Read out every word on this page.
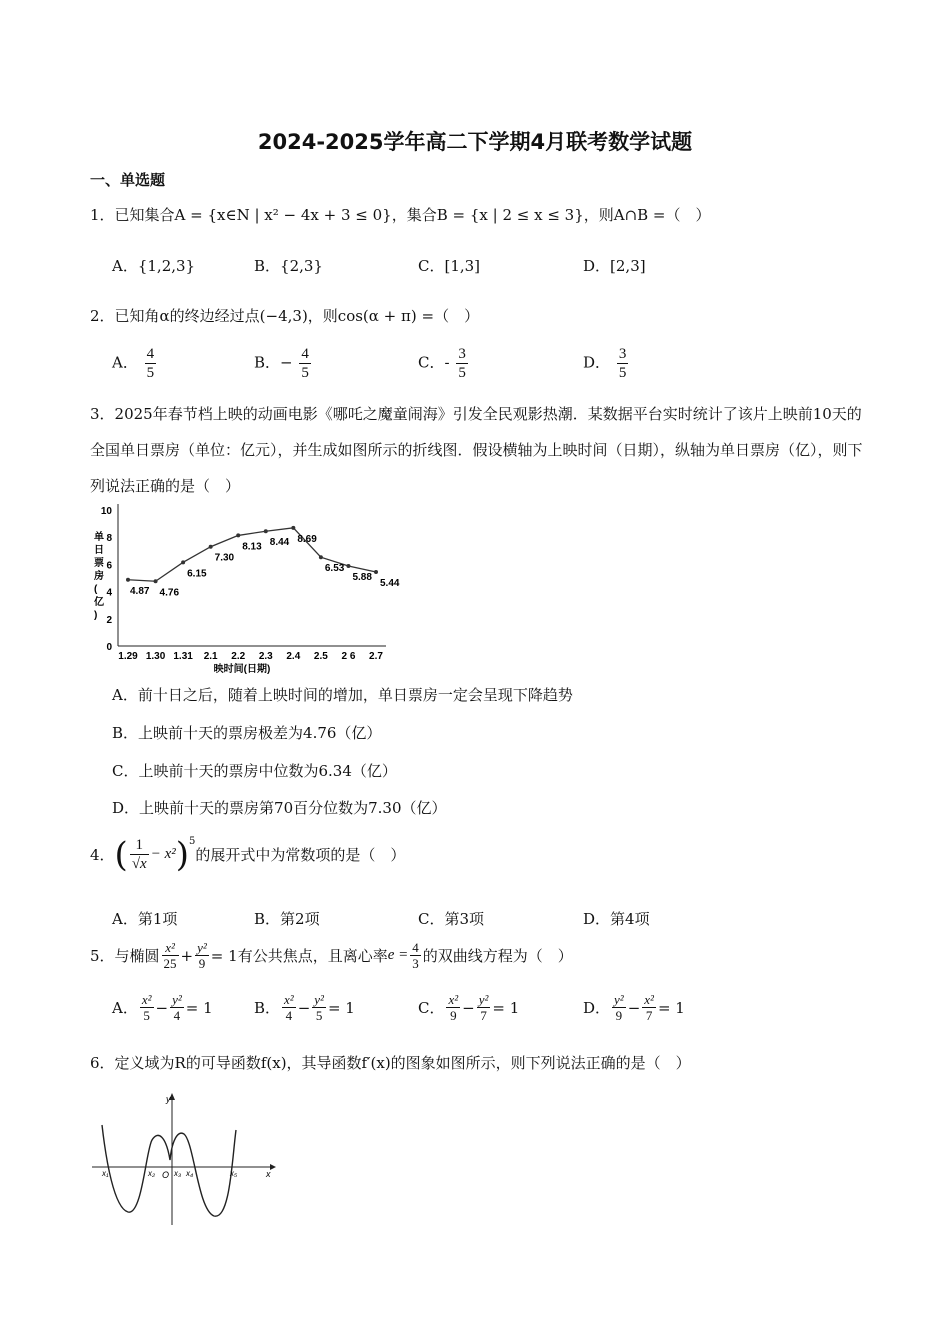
2024-2025学年高二下学期4月联考数学试题
一、单选题
1．已知集合A = {x∈N | x² − 4x + 3 ≤ 0}，集合B = {x | 2 ≤ x ≤ 3}，则A∩B =（　）
A．{1,2,3}	B．{2,3}	C．[1,3]	D．[2,3]
2．已知角α的终边经过点(−4,3)，则cos(α + π) =（　）
A． $\frac{4}{5}$	B．− $\frac{4}{5}$	C．- $\frac{3}{5}$	D． $\frac{3}{5}$
3．2025年春节档上映的动画电影《哪吒之魔童闹海》引发全民观影热潮．某数据平台实时统计了该片上映前10天的全国单日票房（单位：亿元），并生成如图所示的折线图．假设横轴为上映时间（日期），纵轴为单日票房（亿），则下列说法正确的是（　）
0
2
4
6
8
10
单日票房(亿)
1.29 1.30 1.31 2.1 2.2 2.3 2.4 2.5 2 6 2.7
映时间(日期)
4.87 4.76
6.15
7.30
8.13 8.44 8.69
6.53
5.88
5.44
A．前十日之后，随着上映时间的增加，单日票房一定会呈现下降趋势
B．上映前十天的票房极差为4.76（亿）
C．上映前十天的票房中位数为6.34（亿）
D．上映前十天的票房第70百分位数为7.30（亿）
4． ( $\frac{1}{√x} - x^2$ )$^5$
的展开式中为常数项的是（　）
A．第1项	B．第2项	C．第3项	D．第4项
5．与椭圆 $\frac{\text{x²}}{25} + \frac{\text{y²}}{9} = 1$ 有公共焦点，且离心率 $e = \frac{4}{3}$ 的双曲线方程为（　）
A． $\frac{\text{x²}}{5} - \frac{\text{y²}}{4} = 1$	B． $\frac{\text{x²}}{4} - \frac{\text{y²}}{5} = 1$	C． $\frac{\text{x²}}{9} - \frac{\text{y²}}{7} = 1$	D． $\frac{\text{y²}}{9} - \frac{\text{x²}}{7} = 1$
6．定义域为R的可导函数f(x)，其导函数f′(x)的图象如图所示，则下列说法正确的是（　）
y
x
x₁	x₂ O x₃ x₄	x₅
